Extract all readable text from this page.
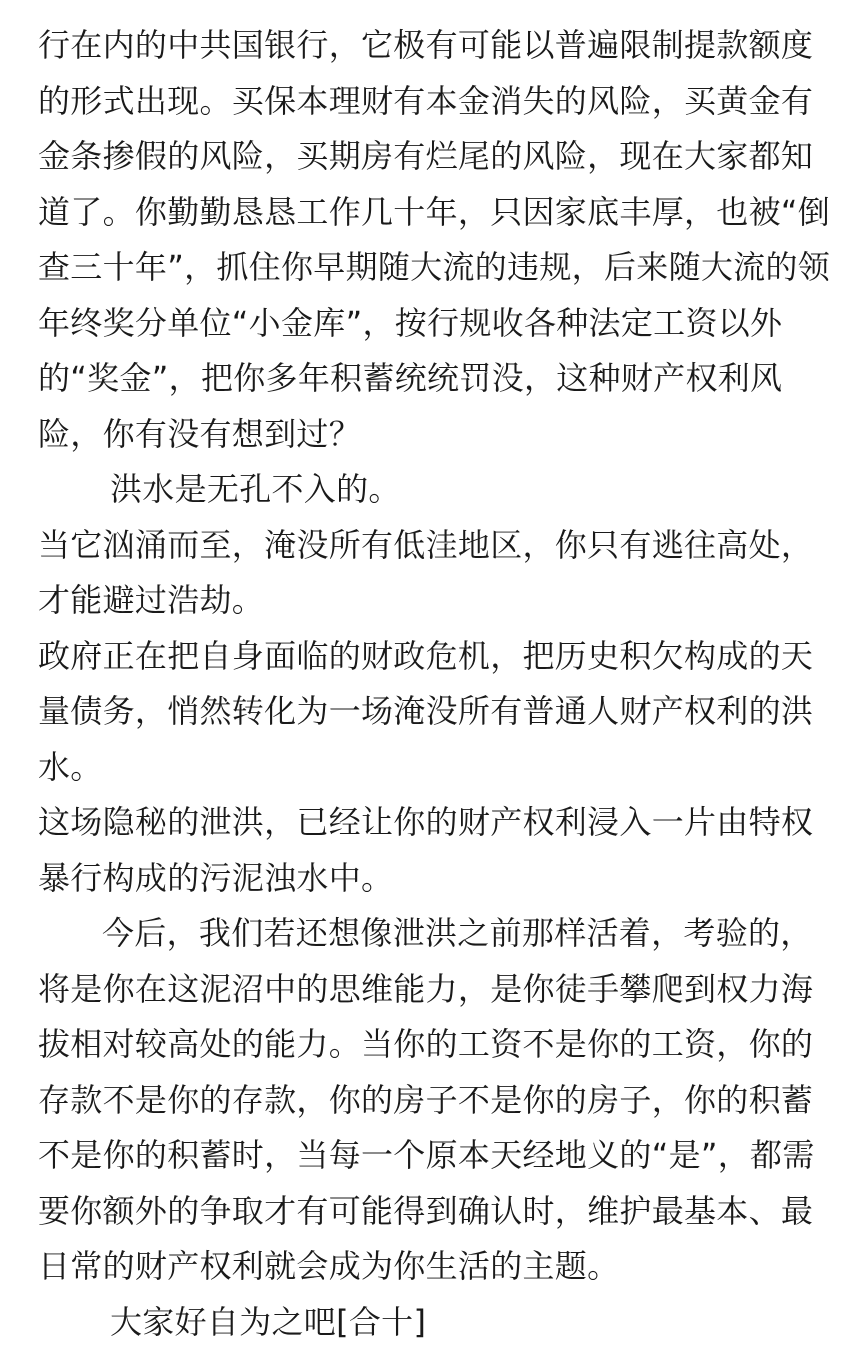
行在内的中共国银行，它极有可能以普遍限制提款额度
的形式出现。买保本理财有本金消失的风险，买黄金有
金条掺假的风险，买期房有烂尾的风险，现在大家都知
道了。你勤勤恳恳工作几十年，只因家底丰厚，也被“倒
查三十年”，抓住你早期随大流的违规，后来随大流的领
年终奖分单位“小金库”，按行规收各种法定工资以外
的“奖金”，把你多年积蓄统统罚没，这种财产权利风
险，你有没有想到过？
洪水是无孔不入的。
当它汹涌而至，淹没所有低洼地区，你只有逃往高处，
才能避过浩劫。
政府正在把自身面临的财政危机，把历史积欠构成的天
量债务，悄然转化为一场淹没所有普通人财产权利的洪
水。
这场隐秘的泄洪，已经让你的财产权利浸入一片由特权
暴行构成的污泥浊水中。
今后，我们若还想像泄洪之前那样活着，考验的，
将是你在这泥沼中的思维能力，是你徒手攀爬到权力海
拔相对较高处的能力。当你的工资不是你的工资，你的
存款不是你的存款，你的房子不是你的房子，你的积蓄
不是你的积蓄时，当每一个原本天经地义的“是”，都需
要你额外的争取才有可能得到确认时，维护最基本、最
日常的财产权利就会成为你生活的主题。
大家好自为之吧[合十]
